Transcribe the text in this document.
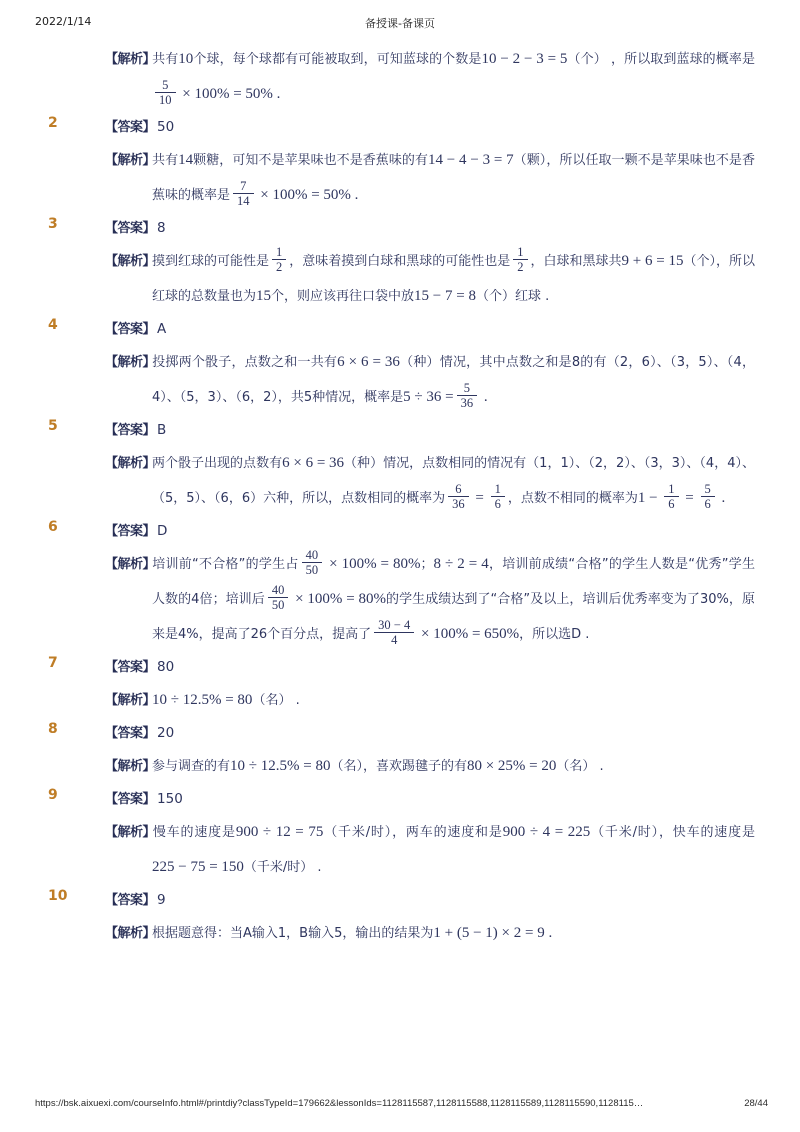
2022/1/14	备授课-备课页

【解析】共有10个球，每个球都有可能被取到，可知蓝球的个数是10 − 2 − 3 = 5（个） ，所以取到蓝球的概率是
$\frac{5}{10} \times 100\% = 50\%$ .

2	【答案】 50

【解析】共有14颗糖，可知不是苹果味也不是香蕉味的有14 − 4 − 3 = 7（颗），所以任取一颗不是苹果味也不是香蕉味的概率是 $\frac{7}{14} \times 100\% = 50\%$ .

3	【答案】 8

【解析】摸到红球的可能性是 $\frac{1}{2}$ ，意味着摸到白球和黑球的可能性也是 $\frac{1}{2}$ ，白球和黑球共9 + 6 = 15（个），所以红球的总数量也为15个，则应该再往口袋中放15 − 7 = 8（个）红球 .

4	【答案】 A

【解析】投掷两个骰子，点数之和一共有6 × 6 = 36（种）情况，其中点数之和是8的有（2，6）、（3，5）、（4，4）、（5，3）、（6，2），共5种情况，概率是$5 \div 36 = \frac{5}{36}$ .

5	【答案】 B

【解析】两个骰子出现的点数有6 × 6 = 36（种）情况，点数相同的情况有（1，1）、（2，2）、（3，3）、（4，4）、（5，5）、（6，6）六种，所以，点数相同的概率为 $\frac{6}{36} = \frac{1}{6}$ ，点数不相同的概率为$1 - \frac{1}{6} = \frac{5}{6}$ .

6	【答案】 D

【解析】培训前“不合格”的学生占 $\frac{40}{50} \times 100\% = 80\%$；8 ÷ 2 = 4，培训前成绩“合格”的学生人数是“优秀”学生人数的4倍；培训后 $\frac{40}{50} \times 100\% = 80\%$的学生成绩达到了“合格”及以上，培训后优秀率变为了30%，原来是4%，提高了26个百分点，提高了 $\frac{30 - 4}{4} \times 100\% = 650\%$，所以选D .

7	【答案】 80

【解析】10 ÷ 12.5% = 80（名） .

8	【答案】 20

【解析】参与调查的有10 ÷ 12.5% = 80（名），喜欢踢毽子的有80 × 25% = 20（名） .

9	【答案】 150

【解析】慢车的速度是900 ÷ 12 = 75（千米/时），两车的速度和是900 ÷ 4 = 225（千米/时），快车的速度是225 − 75 = 150（千米/时） .

10	【答案】 9

【解析】根据题意得：当A输入1，B输入5，输出的结果为1 + (5 − 1) × 2 = 9 .

https://bsk.aixuexi.com/courseInfo.html#/printdiy?classTypeId=179662&lessonIds=1128115587,1128115588,1128115589,1128115590,1128115…	28/44
